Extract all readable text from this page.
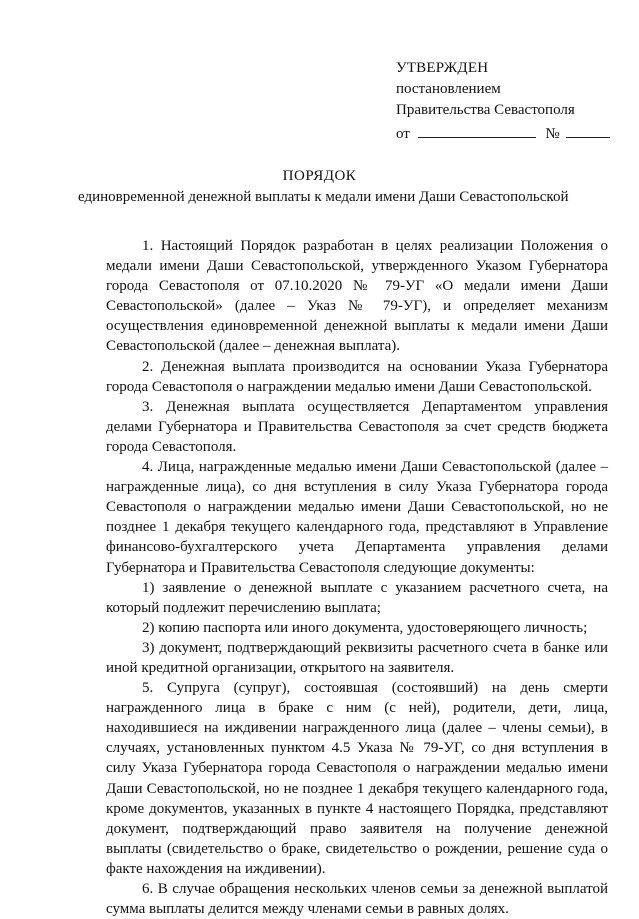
УТВЕРЖДЕН
постановлением
Правительства Севастополя
от	№
ПОРЯДОК
единовременной денежной выплаты к медали имени Даши Севастопольской

1. Настоящий Порядок разработан в целях реализации Положения о медали имени Даши Севастопольской, утвержденного Указом Губернатора города Севастополя от 07.10.2020 № 79-УГ «О медали имени Даши Севастопольской» (далее – Указ № 79-УГ), и определяет механизм осуществления единовременной денежной выплаты к медали имени Даши Севастопольской (далее – денежная выплата).

2. Денежная выплата производится на основании Указа Губернатора города Севастополя о награждении медалью имени Даши Севастопольской.

3. Денежная выплата осуществляется Департаментом управления делами Губернатора и Правительства Севастополя за счет средств бюджета города Севастополя.

4. Лица, награжденные медалью имени Даши Севастопольской (далее – награжденные лица), со дня вступления в силу Указа Губернатора города Севастополя о награждении медалью имени Даши Севастопольской, но не позднее 1 декабря текущего календарного года, представляют в Управление финансово-бухгалтерского учета Департамента управления делами Губернатора и Правительства Севастополя следующие документы:

1) заявление о денежной выплате с указанием расчетного счета, на который подлежит перечислению выплата;

2) копию паспорта или иного документа, удостоверяющего личность;

3) документ, подтверждающий реквизиты расчетного счета в банке или иной кредитной организации, открытого на заявителя.

5. Супруга (супруг), состоявшая (состоявший) на день смерти награжденного лица в браке с ним (с ней), родители, дети, лица, находившиеся на иждивении награжденного лица (далее – члены семьи), в случаях, установленных пунктом 4.5 Указа № 79-УГ, со дня вступления в силу Указа Губернатора города Севастополя о награждении медалью имени Даши Севастопольской, но не позднее 1 декабря текущего календарного года, кроме документов, указанных в пункте 4 настоящего Порядка, представляют документ, подтверждающий право заявителя на получение денежной выплаты (свидетельство о браке, свидетельство о рождении, решение суда о факте нахождения на иждивении).

6. В случае обращения нескольких членов семьи за денежной выплатой сумма выплаты делится между членами семьи в равных долях.
